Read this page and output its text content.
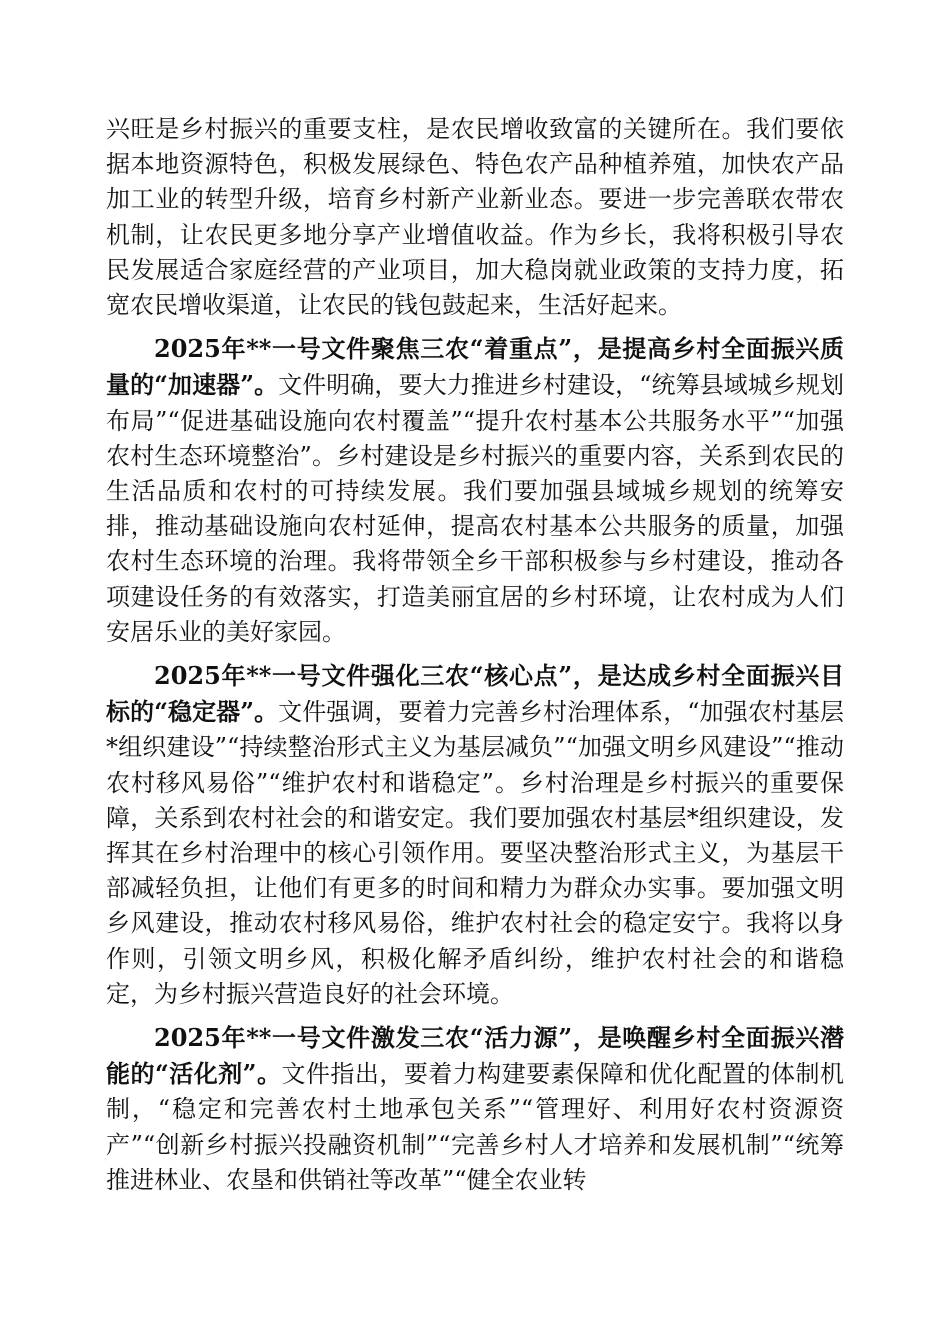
兴旺是乡村振兴的重要支柱，是农民增收致富的关键所在。我们要依据本地资源特色，积极发展绿色、特色农产品种植养殖，加快农产品加工业的转型升级，培育乡村新产业新业态。要进一步完善联农带农机制，让农民更多地分享产业增值收益。作为乡长，我将积极引导农民发展适合家庭经营的产业项目，加大稳岗就业政策的支持力度，拓宽农民增收渠道，让农民的钱包鼓起来，生活好起来。

2025年**一号文件聚焦三农“着重点”，是提高乡村全面振兴质量的“加速器”。文件明确，要大力推进乡村建设，“统筹县域城乡规划布局”“促进基础设施向农村覆盖”“提升农村基本公共服务水平”“加强农村生态环境整治”。乡村建设是乡村振兴的重要内容，关系到农民的生活品质和农村的可持续发展。我们要加强县域城乡规划的统筹安排，推动基础设施向农村延伸，提高农村基本公共服务的质量，加强农村生态环境的治理。我将带领全乡干部积极参与乡村建设，推动各项建设任务的有效落实，打造美丽宜居的乡村环境，让农村成为人们安居乐业的美好家园。

2025年**一号文件强化三农“核心点”，是达成乡村全面振兴目标的“稳定器”。文件强调，要着力完善乡村治理体系，“加强农村基层*组织建设”“持续整治形式主义为基层减负”“加强文明乡风建设”“推动农村移风易俗”“维护农村和谐稳定”。乡村治理是乡村振兴的重要保障，关系到农村社会的和谐安定。我们要加强农村基层*组织建设，发挥其在乡村治理中的核心引领作用。要坚决整治形式主义，为基层干部减轻负担，让他们有更多的时间和精力为群众办实事。要加强文明乡风建设，推动农村移风易俗，维护农村社会的稳定安宁。我将以身作则，引领文明乡风，积极化解矛盾纠纷，维护农村社会的和谐稳定，为乡村振兴营造良好的社会环境。

2025年**一号文件激发三农“活力源”，是唤醒乡村全面振兴潜能的“活化剂”。文件指出，要着力构建要素保障和优化配置的体制机制，“稳定和完善农村土地承包关系”“管理好、利用好农村资源资产”“创新乡村振兴投融资机制”“完善乡村人才培养和发展机制”“统筹推进林业、农垦和供销社等改革”“健全农业转
